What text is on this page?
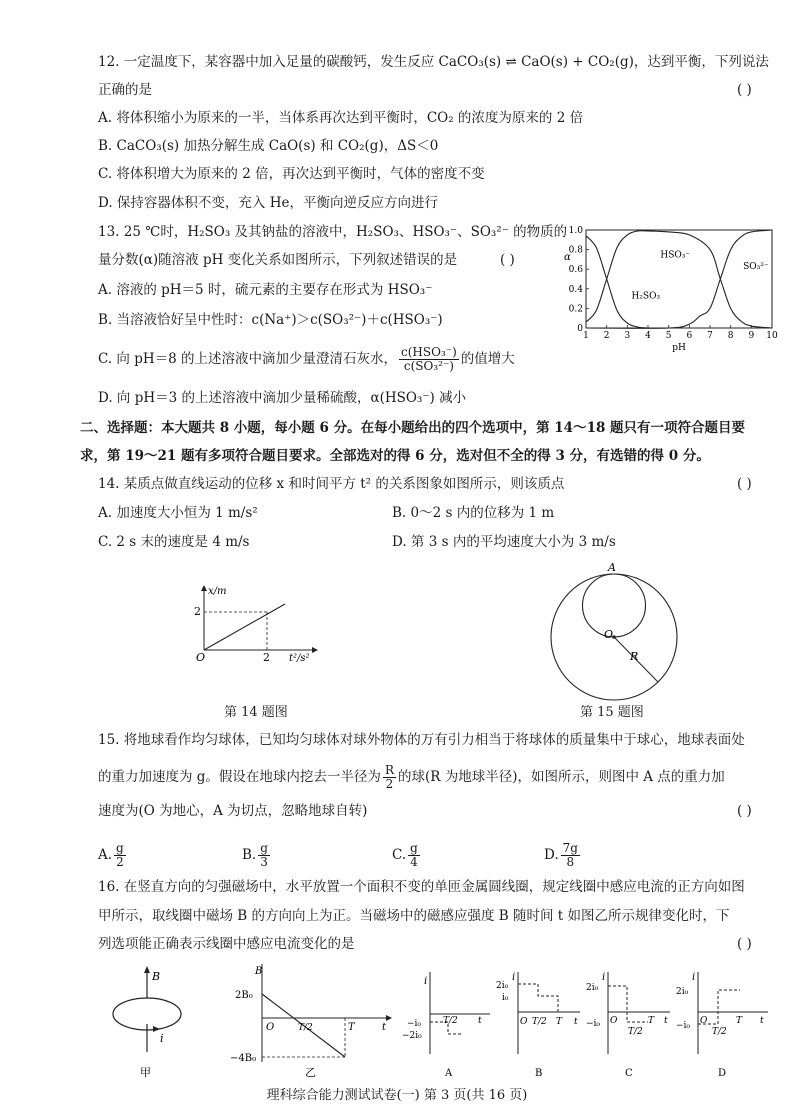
12. 一定温度下，某容器中加入足量的碳酸钙，发生反应 CaCO₃(s) ⇌ CaO(s) + CO₂(g)，达到平衡，下列说法
正确的是	( )
A. 将体积缩小为原来的一半，当体系再次达到平衡时，CO₂ 的浓度为原来的 2 倍
B. CaCO₃(s) 加热分解生成 CaO(s) 和 CO₂(g)，ΔS＜0
C. 将体积增大为原来的 2 倍，再次达到平衡时，气体的密度不变
D. 保持容器体积不变，充入 He，平衡向逆反应方向进行
13. 25 ℃时，H₂SO₃ 及其钠盐的溶液中，H₂SO₃、HSO₃⁻、SO₃²⁻ 的物质的
量分数(α)随溶液 pH 变化关系如图所示，下列叙述错误的是	( )
A. 溶液的 pH＝5 时，硫元素的主要存在形式为 HSO₃⁻
B. 当溶液恰好呈中性时：c(Na⁺)＞c(SO₃²⁻)＋c(HSO₃⁻)
C. 向 pH＝8 的上述溶液中滴加少量澄清石灰水， $\frac{\text{c(HSO₃⁻)}}{\text{c(SO₃²⁻)}}$ 的值增大
D. 向 pH＝3 的上述溶液中滴加少量稀硫酸，α(HSO₃⁻) 减小
1 2 3 4 5 6 7 8 9 10
0
0.2
0.4
0.6
0.8
1.0
pH
α
H₂SO₃
HSO₃⁻
SO₃²⁻
二、选择题：本大题共 8 小题，每小题 6 分。在每小题给出的四个选项中，第 14～18 题只有一项符合题目要
求，第 19～21 题有多项符合题目要求。全部选对的得 6 分，选对但不全的得 3 分，有选错的得 0 分。
14. 某质点做直线运动的位移 x 和时间平方 t² 的关系图象如图所示，则该质点	( )
A. 加速度大小恒为 1 m/s²	B. 0～2 s 内的位移为 1 m
C. 2 s 末的速度是 4 m/s	D. 第 3 s 内的平均速度大小为 3 m/s
x/m
2
O	2 t²/s²
第 14 题图
A
O
R
第 15 题图
15. 将地球看作均匀球体，已知均匀球体对球外物体的万有引力相当于将球体的质量集中于球心，地球表面处
的重力加速度为 g。假设在地球内挖去一半径为 $\frac{R}{2}$ 的球(R 为地球半径)，如图所示，则图中 A 点的重力加
速度为(O 为地心，A 为切点，忽略地球自转)	( )
A. $\frac{g}{2}$	B. $\frac{g}{3}$	C. $\frac{g}{4}$	D. $\frac{7g}{8}$
16. 在竖直方向的匀强磁场中，水平放置一个面积不变的单匝金属圆线圈，规定线圈中感应电流的正方向如图
甲所示，取线圈中磁场 B 的方向向上为正。当磁场中的磁感应强度 B 随时间 t 如图乙所示规律变化时，下
列选项能正确表示线圈中感应电流变化的是	( )
B
i
甲
B
2B₀
−4B₀
O	T/2	T	t
乙
i
−i₀
−2i₀
T/2 t
A
i
2i₀
i₀
O T/2 T t
B
i
2i₀
−i₀ O
T/2
T t
C
i
2i₀
−i₀ O
T/2
T t
D
理科综合能力测试试卷(一) 第 3 页(共 16 页)
